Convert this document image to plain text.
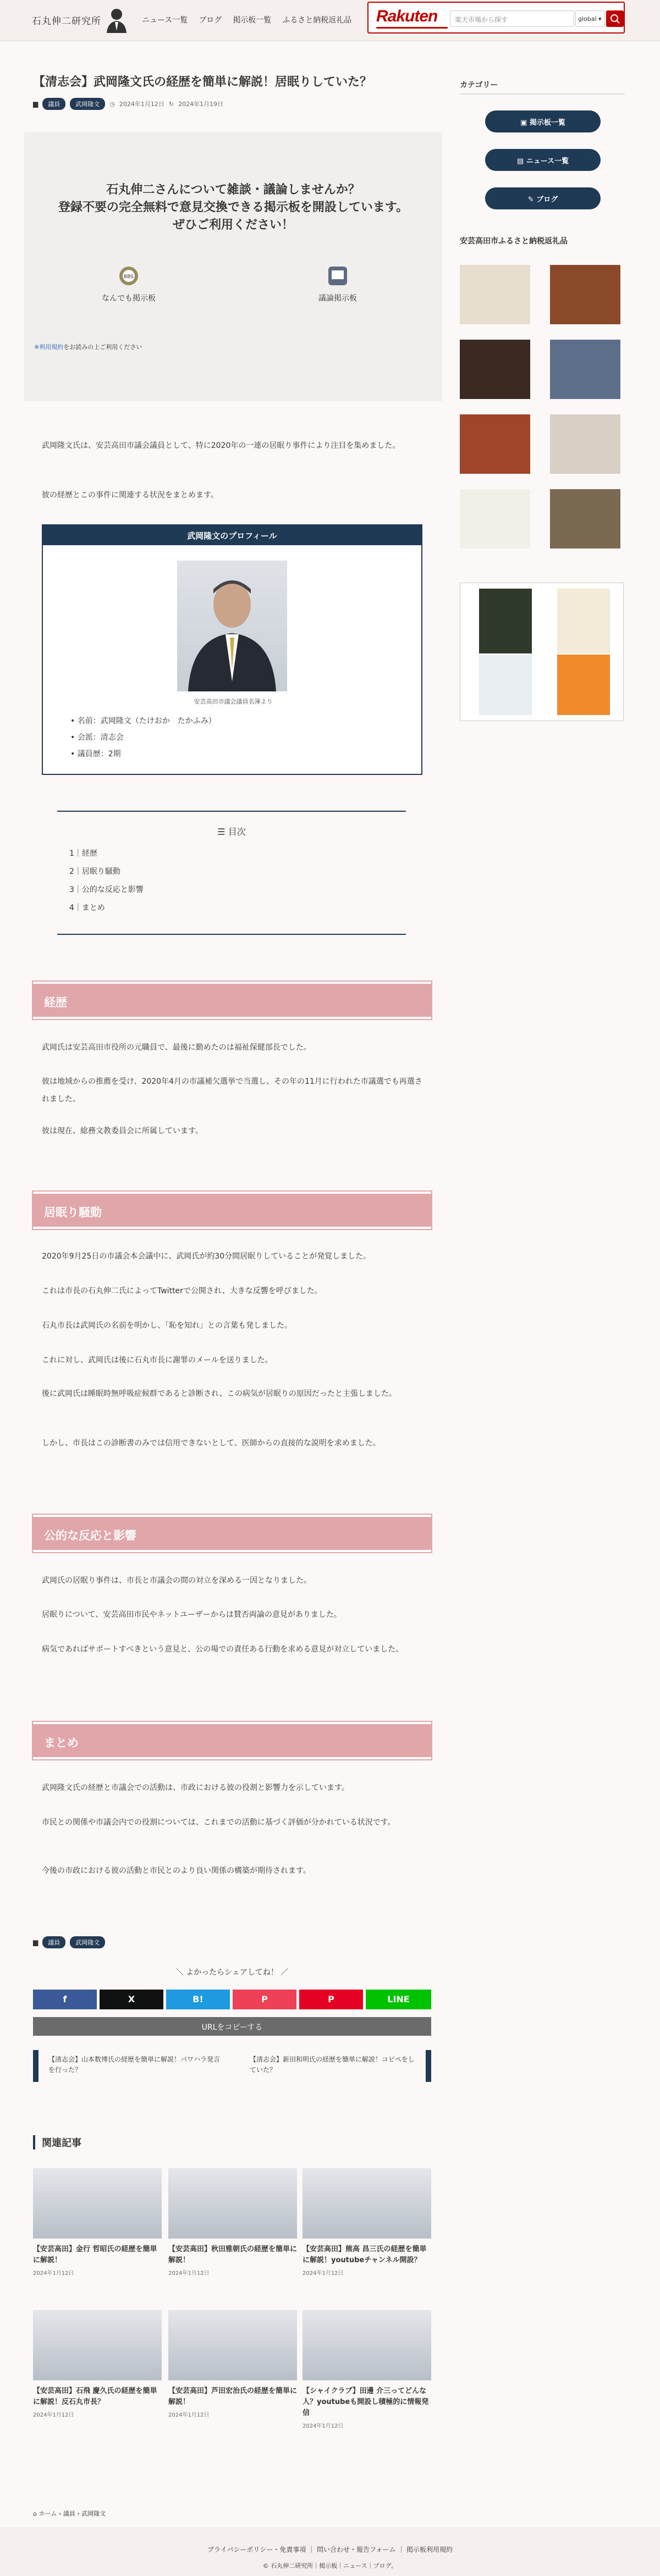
石丸伸二研究所	ニュース一覧 ブログ 掲示板一覧 ふるさと納税返礼品 Rakuten	楽天市場から探す	global ▾
【清志会】武岡隆文氏の経歴を簡単に解説！居眠りしていた？
▆	議員	武岡隆文	◷ 2024年1月12日 ↻ 2024年1月19日
石丸伸二さんについて雑談・議論しませんか？
登録不要の完全無料で意見交換できる掲示板を開設しています。
ぜひご利用ください！
BBS
なんでも掲示板	議論掲示板
※利用規約をお読みの上ご利用ください

武岡隆文氏は、安芸高田市議会議員として、特に2020年の一連の居眠り事件により注目を集めました。

彼の経歴とこの事件に関連する状況をまとめます。

武岡隆文のプロフィール
安芸高田市議会議員名簿より
• 名前：武岡隆文（たけおか　たかふみ）
• 会派：清志会
• 議員歴：2期
☰ 目次
1｜経歴
2｜居眠り騒動
3｜公的な反応と影響
4｜まとめ
経歴

武岡氏は安芸高田市役所の元職員で、最後に勤めたのは福祉保健部長でした。

彼は地域からの推薦を受け、2020年4月の市議補欠選挙で当選し、その年の11月に行われた市議選でも再選されました。

彼は現在、総務文教委員会に所属しています。

居眠り騒動

2020年9月25日の市議会本会議中に、武岡氏が約30分間居眠りしていることが発覚しました。

これは市長の石丸伸二氏によってTwitterで公開され、大きな反響を呼びました。

石丸市長は武岡氏の名前を明かし、「恥を知れ」との言葉も発しました。

これに対し、武岡氏は後に石丸市長に謝罪のメールを送りました。

後に武岡氏は睡眠時無呼吸症候群であると診断され、この病気が居眠りの原因だったと主張しました。

しかし、市長はこの診断書のみでは信用できないとして、医師からの直接的な説明を求めました。

公的な反応と影響

武岡氏の居眠り事件は、市長と市議会の間の対立を深める一因となりました。

居眠りについて、安芸高田市民やネットユーザーからは賛否両論の意見がありました。

病気であればサポートすべきという意見と、公の場での責任ある行動を求める意見が対立していました。

まとめ

武岡隆文氏の経歴と市議会での活動は、市政における彼の役割と影響力を示しています。

市民との関係や市議会内での役割については、これまでの活動に基づく評価が分かれている状況です。

今後の市政における彼の活動と市民とのより良い関係の構築が期待されます。

▆	議員	武岡隆文
＼ よかったらシェアしてね！ ／
f	X	B!	P	P	LINE
URLをコピーする
【清志会】山本数博氏の経歴を簡単に解説！パワハラ発言を行った？
【清志会】新田和明氏の経歴を簡単に解説！コピペをしていた？
関連記事
【安芸高田】金行 哲昭氏の経歴を簡単に解説！
2024年1月12日
【安芸高田】秋田雅朝氏の経歴を簡単に解説！
2024年1月12日
【安芸高田】熊高 昌三氏の経歴を簡単に解説！youtubeチャンネル開設？
2024年1月12日
【安芸高田】石飛 慶久氏の経歴を簡単に解説！反石丸市長？
2024年1月12日
【安芸高田】芦田宏治氏の経歴を簡単に解説！
2024年1月12日
【シャイクラブ】田邊 介三ってどんな人？youtubeも開設し積極的に情報発信
2024年1月12日
⌂ ホーム › 議員 › 武岡隆文
カテゴリー
▣ 掲示板一覧
▤ ニュース一覧
✎ ブログ
安芸高田市ふるさと納税返礼品
プライバシーポリシー・免責事項 ｜ 問い合わせ・報告フォーム ｜ 掲示板利用規約
© 石丸伸二研究所｜掲示板｜ニュース｜ブログ。
